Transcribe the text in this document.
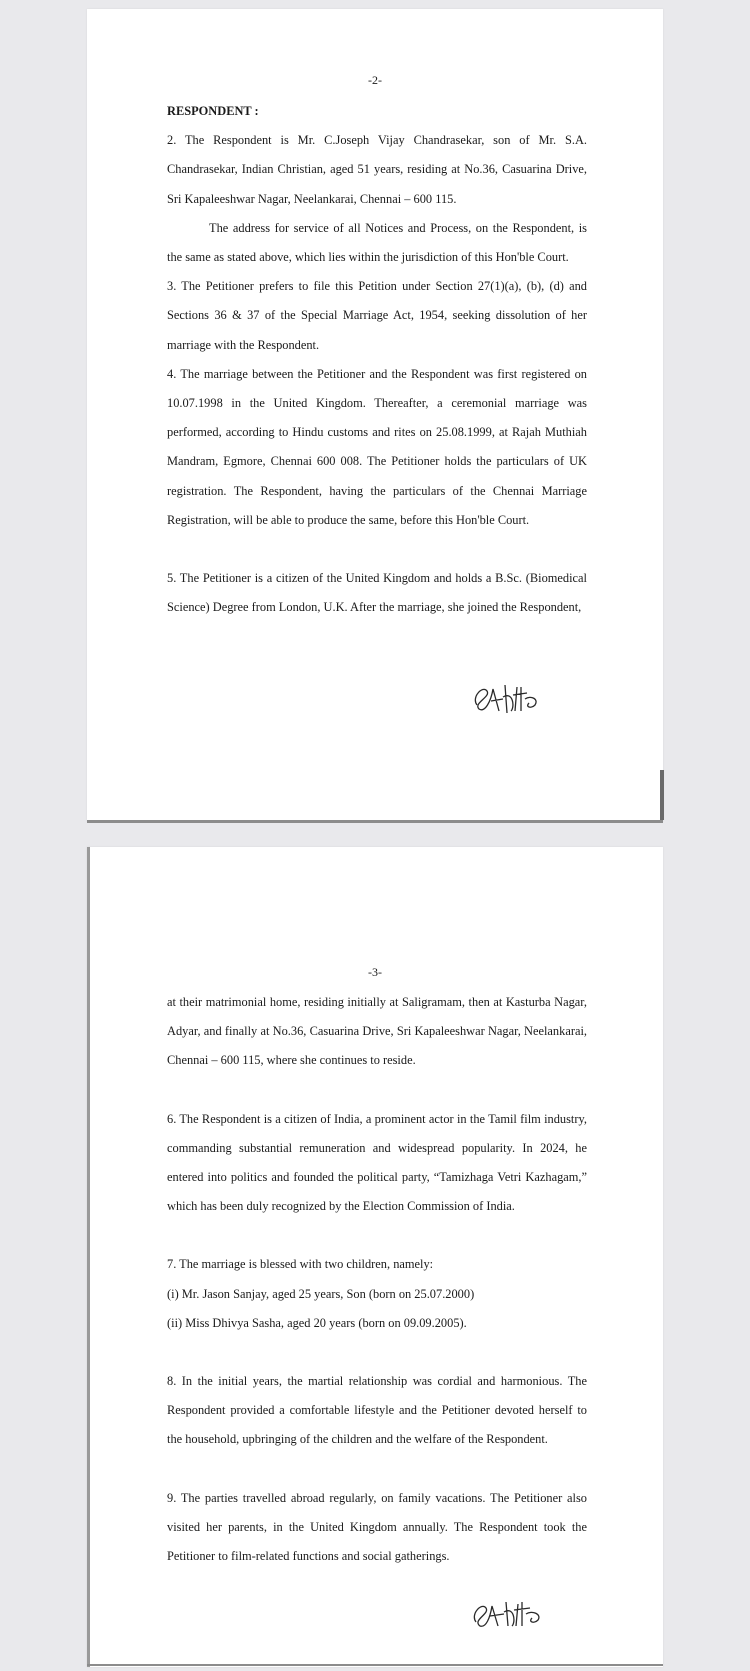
-2-

RESPONDENT :

2. The Respondent is Mr. C.Joseph Vijay Chandrasekar, son of Mr. S.A. Chandrasekar, Indian Christian, aged 51 years, residing at No.36, Casuarina Drive, Sri Kapaleeshwar Nagar, Neelankarai, Chennai – 600 115.

The address for service of all Notices and Process, on the Respondent, is the same as stated above, which lies within the jurisdiction of this Hon'ble Court.

3. The Petitioner prefers to file this Petition under Section 27(1)(a), (b), (d) and Sections 36 & 37 of the Special Marriage Act, 1954, seeking dissolution of her marriage with the Respondent.

4. The marriage between the Petitioner and the Respondent was first registered on 10.07.1998 in the United Kingdom. Thereafter, a ceremonial marriage was performed, according to Hindu customs and rites on 25.08.1999, at Rajah Muthiah Mandram, Egmore, Chennai 600 008. The Petitioner holds the particulars of UK registration. The Respondent, having the particulars of the Chennai Marriage Registration, will be able to produce the same, before this Hon'ble Court.

5. The Petitioner is a citizen of the United Kingdom and holds a B.Sc. (Biomedical Science) Degree from London, U.K. After the marriage, she joined the Respondent,

-3-

at their matrimonial home, residing initially at Saligramam, then at Kasturba Nagar, Adyar, and finally at No.36, Casuarina Drive, Sri Kapaleeshwar Nagar, Neelankarai, Chennai – 600 115, where she continues to reside.

6. The Respondent is a citizen of India, a prominent actor in the Tamil film industry, commanding substantial remuneration and widespread popularity. In 2024, he entered into politics and founded the political party, “Tamizhaga Vetri Kazhagam,” which has been duly recognized by the Election Commission of India.

7. The marriage is blessed with two children, namely:

(i) Mr. Jason Sanjay, aged 25 years, Son (born on 25.07.2000)

(ii) Miss Dhivya Sasha, aged 20 years (born on 09.09.2005).

8. In the initial years, the martial relationship was cordial and harmonious. The Respondent provided a comfortable lifestyle and the Petitioner devoted herself to the household, upbringing of the children and the welfare of the Respondent.

9. The parties travelled abroad regularly, on family vacations. The Petitioner also visited her parents, in the United Kingdom annually. The Respondent took the Petitioner to film-related functions and social gatherings.
